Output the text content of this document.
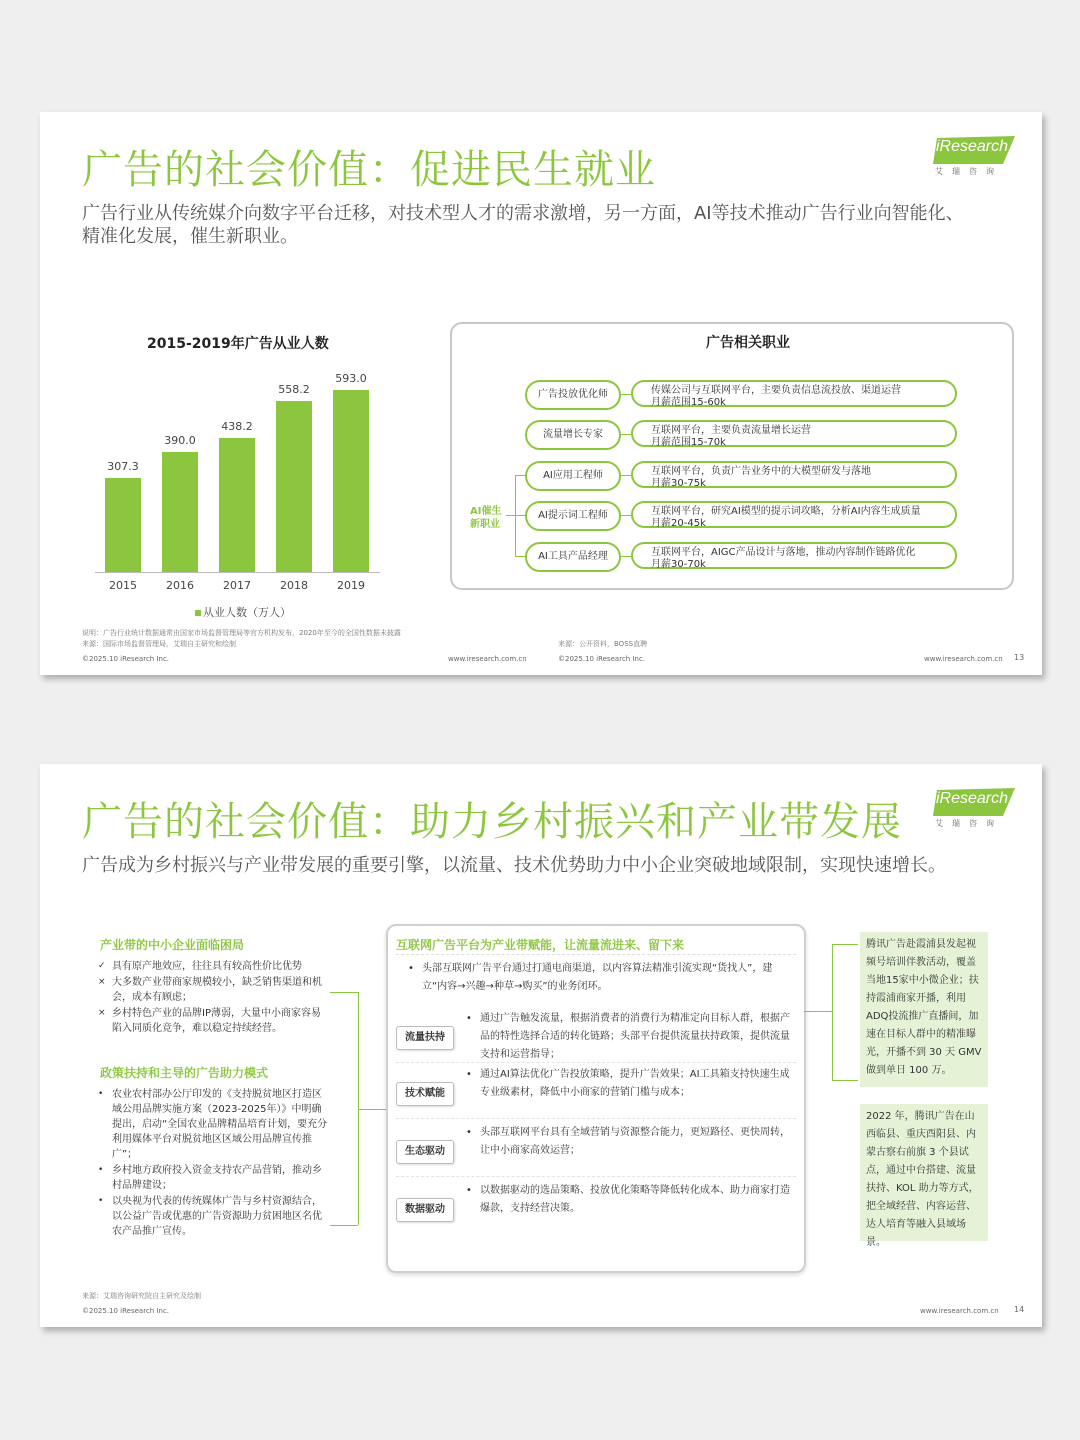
广告的社会价值：促进民生就业
广告行业从传统媒介向数字平台迁移，对技术型人才的需求激增，另一方面，AI等技术推动广告行业向智能化、
精准化发展，催生新职业。
iResearch
艾瑞咨询
2015-2019年广告从业人数
307.3
2015
390.0
2016
438.2
2017
558.2
2018
593.0
2019
从业人数（万人）
广告相关职业
AI催生新职业
广告投放优化师	传媒公司与互联网平台，主要负责信息流投放、渠道运营
月薪范围15-60k
流量增长专家	互联网平台，主要负责流量增长运营
月薪范围15-70k
AI应用工程师	互联网平台，负责广告业务中的大模型研发与落地
月薪30-75k
AI提示词工程师	互联网平台，研究AI模型的提示词攻略，分析AI内容生成质量
月薪20-45k
AI工具产品经理	互联网平台，AIGC产品设计与落地，推动内容制作链路优化
月薪30-70k
说明：广告行业统计数据通常由国家市场监督管理局等官方机构发布，2020年至今的全国性数据未披露
来源：国际市场监督管理局，艾瑞自主研究和绘制	来源：公开资料，BOSS直聘
©2025.10 iResearch Inc.	www.iresearch.com.cn	©2025.10 iResearch Inc.	www.iresearch.com.cn 13
广告的社会价值：助力乡村振兴和产业带发展
广告成为乡村振兴与产业带发展的重要引擎，以流量、技术优势助力中小企业突破地域限制，实现快速增长。
iResearch
艾瑞咨询
产业带的中小企业面临困局
✓ 具有原产地效应，往往具有较高性价比优势
× 大多数产业带商家规模较小，缺乏销售渠道和机会，成本有顾虑；
× 乡村特色产业的品牌IP薄弱，大量中小商家容易陷入同质化竞争，难以稳定持续经营。
政策扶持和主导的广告助力模式
• 农业农村部办公厅印发的《支持脱贫地区打造区域公用品牌实施方案（2023-2025年）》中明确提出，启动“全国农业品牌精品培育计划，要充分利用媒体平台对脱贫地区区域公用品牌宣传推广”；
• 乡村地方政府投入资金支持农产品营销，推动乡村品牌建设；
• 以央视为代表的传统媒体广告与乡村资源结合，以公益广告或优惠的广告资源助力贫困地区名优农产品推广宣传。
互联网广告平台为产业带赋能，让流量流进来、留下来
• 头部互联网广告平台通过打通电商渠道，以内容算法精准引流实现“货找人”，建立“内容→兴趣→种草→购买”的业务闭环。
流量扶持
• 通过广告触发流量，根据消费者的消费行为精准定向目标人群，根据产品的特性选择合适的转化链路；头部平台提供流量扶持政策，提供流量支持和运营指导；
技术赋能
• 通过AI算法优化广告投放策略，提升广告效果；AI工具箱支持快速生成专业级素材，降低中小商家的营销门槛与成本；
生态驱动
• 头部互联网平台具有全域营销与资源整合能力，更短路径、更快周转，让中小商家高效运营；
数据驱动
• 以数据驱动的选品策略、投放优化策略等降低转化成本、助力商家打造爆款，支持经营决策。
腾讯广告赴霞浦县发起视频号培训伴教活动，覆盖当地15家中小微企业；扶持霞浦商家开播，利用ADQ投流推广直播间，加速在目标人群中的精准曝光，开播不到 30 天 GMV 做到单日 100 万。
2022 年，腾讯广告在山西临县、重庆酉阳县、内蒙古察右前旗 3 个县试点，通过中台搭建、流量扶持、KOL 助力等方式，把全域经营、内容运营、达人培育等融入县域场景。
来源：艾瑞咨询研究院自主研究及绘制
©2025.10 iResearch Inc.	www.iresearch.com.cn 14
